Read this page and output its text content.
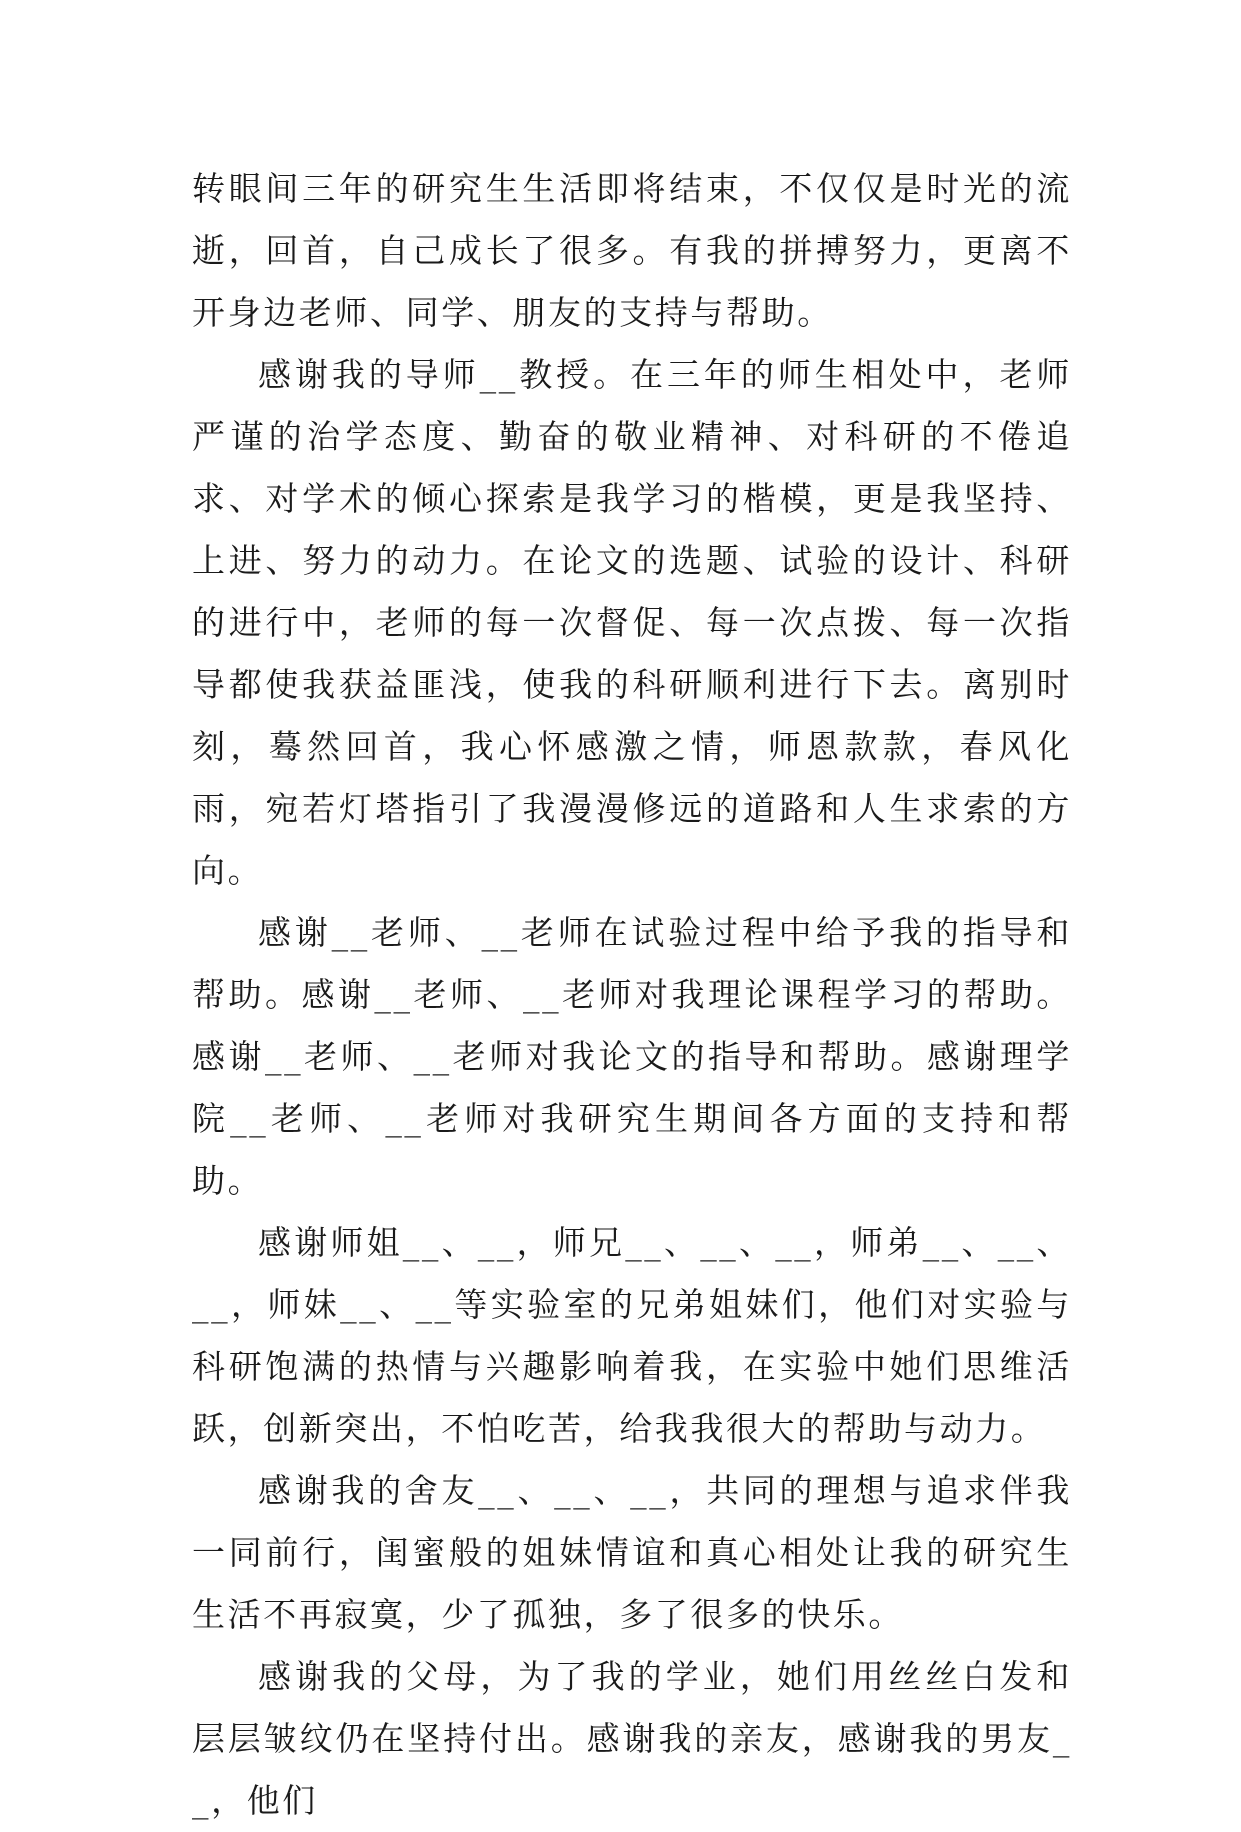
转眼间三年的研究生生活即将结束，不仅仅是时光的流逝，回首，自己成长了很多。有我的拼搏努力，更离不开身边老师、同学、朋友的支持与帮助。

感谢我的导师__教授。在三年的师生相处中，老师严谨的治学态度、勤奋的敬业精神、对科研的不倦追求、对学术的倾心探索是我学习的楷模，更是我坚持、上进、努力的动力。在论文的选题、试验的设计、科研的进行中，老师的每一次督促、每一次点拨、每一次指导都使我获益匪浅，使我的科研顺利进行下去。离别时刻，蓦然回首，我心怀感激之情，师恩款款，春风化雨，宛若灯塔指引了我漫漫修远的道路和人生求索的方向。

感谢__老师、__老师在试验过程中给予我的指导和帮助。感谢__老师、__老师对我理论课程学习的帮助。感谢__老师、__老师对我论文的指导和帮助。感谢理学院__老师、__老师对我研究生期间各方面的支持和帮助。

感谢师姐__、__，师兄__、__、__，师弟__、__、__，师妹__、__等实验室的兄弟姐妹们，他们对实验与科研饱满的热情与兴趣影响着我，在实验中她们思维活跃，创新突出，不怕吃苦，给我我很大的帮助与动力。

感谢我的舍友__、__、__，共同的理想与追求伴我一同前行，闺蜜般的姐妹情谊和真心相处让我的研究生生活不再寂寞，少了孤独，多了很多的快乐。

感谢我的父母，为了我的学业，她们用丝丝白发和层层皱纹仍在坚持付出。感谢我的亲友，感谢我的男友__，他们
